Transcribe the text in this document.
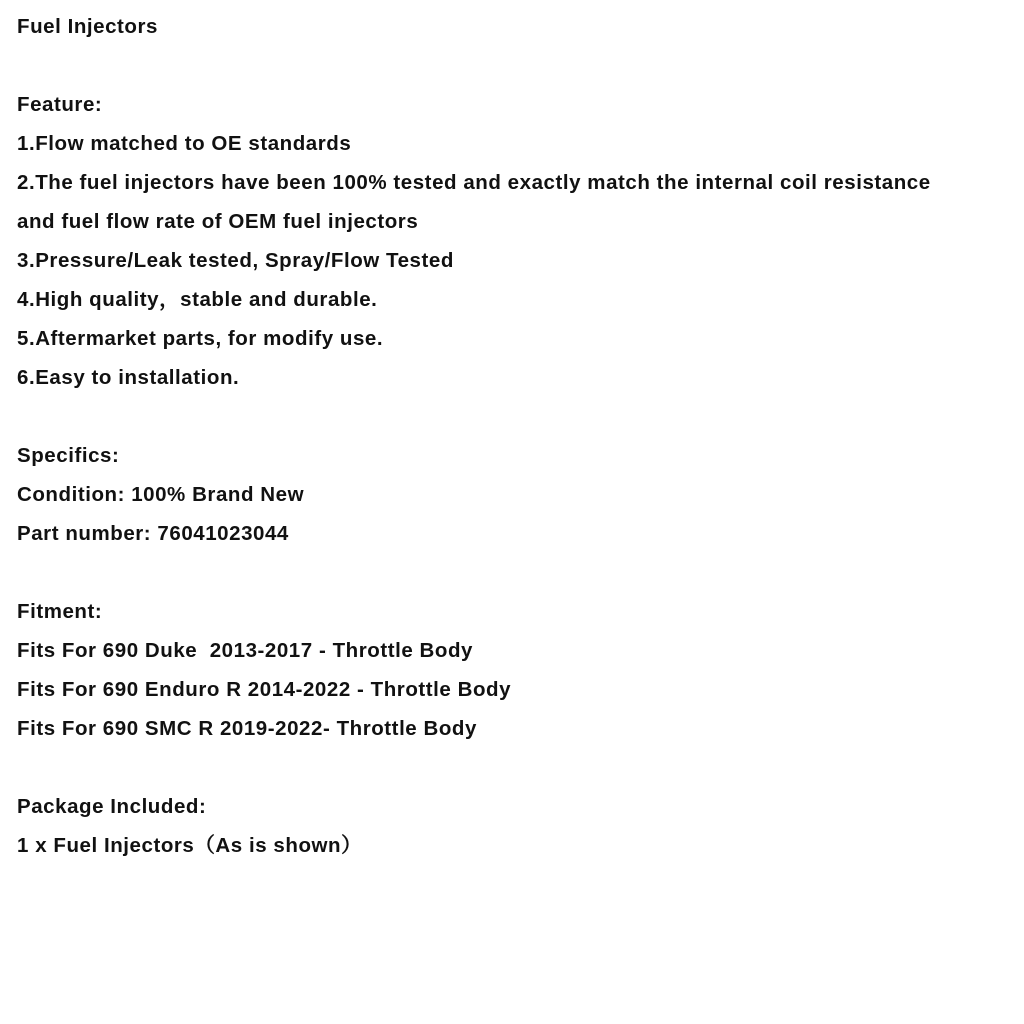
Fuel Injectors

Feature:

1.Flow matched to OE standards

2.The fuel injectors have been 100% tested and exactly match the internal coil resistance

and fuel flow rate of OEM fuel injectors

3.Pressure/Leak tested, Spray/Flow Tested

4.High quality，stable and durable.

5.Aftermarket parts, for modify use.

6.Easy to installation.

Specifics:

Condition: 100% Brand New

Part number: 76041023044

Fitment:

Fits For 690 Duke  2013-2017 - Throttle Body

Fits For 690 Enduro R 2014-2022 - Throttle Body

Fits For 690 SMC R 2019-2022- Throttle Body

Package Included:

1 x Fuel Injectors（As is shown）
